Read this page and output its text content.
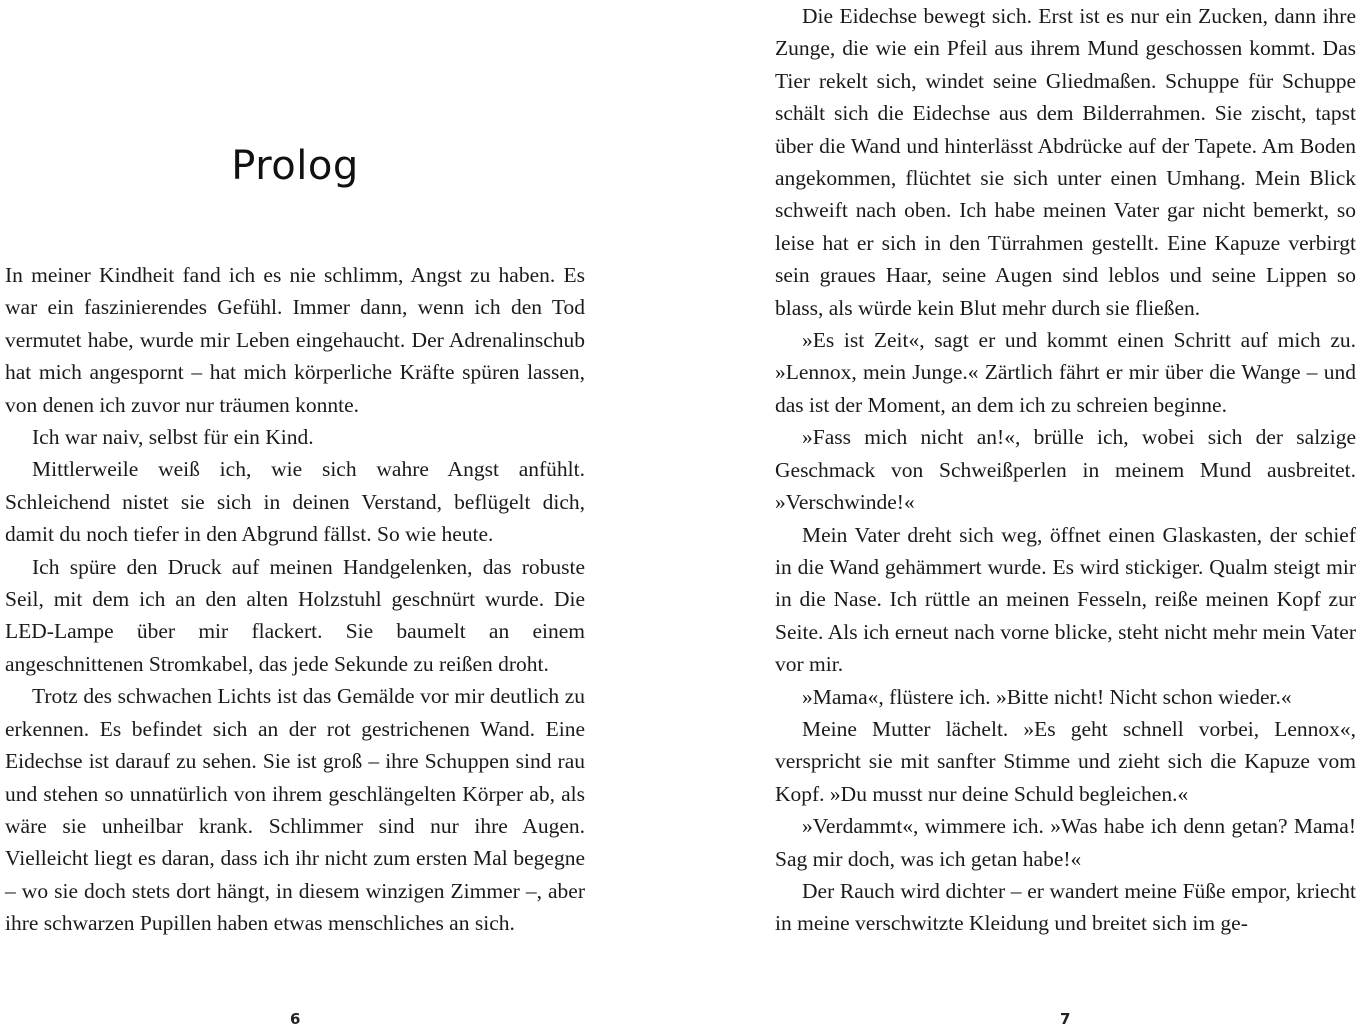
Prolog

In meiner Kindheit fand ich es nie schlimm, Angst zu haben. Es war ein faszinierendes Gefühl. Immer dann, wenn ich den Tod vermutet habe, wurde mir Leben eingehaucht. Der Adrenalinschub hat mich angespornt – hat mich körperliche Kräfte spüren lassen, von denen ich zuvor nur träumen konnte.

Ich war naiv, selbst für ein Kind.

Mittlerweile weiß ich, wie sich wahre Angst anfühlt. Schleichend nistet sie sich in deinen Verstand, beflügelt dich, damit du noch tiefer in den Abgrund fällst. So wie heute.

Ich spüre den Druck auf meinen Handgelenken, das robuste Seil, mit dem ich an den alten Holzstuhl geschnürt wurde. Die LED-Lampe über mir flackert. Sie baumelt an einem angeschnittenen Stromkabel, das jede Sekunde zu reißen droht.

Trotz des schwachen Lichts ist das Gemälde vor mir deutlich zu erkennen. Es befindet sich an der rot gestrichenen Wand. Eine Eidechse ist darauf zu sehen. Sie ist groß – ihre Schuppen sind rau und stehen so unnatürlich von ihrem geschlängelten Körper ab, als wäre sie unheilbar krank. Schlimmer sind nur ihre Augen. Vielleicht liegt es daran, dass ich ihr nicht zum ersten Mal begegne – wo sie doch stets dort hängt, in diesem winzigen Zimmer –, aber ihre schwarzen Pupillen haben etwas menschliches an sich.

6

Die Eidechse bewegt sich. Erst ist es nur ein Zucken, dann ihre Zunge, die wie ein Pfeil aus ihrem Mund geschossen kommt. Das Tier rekelt sich, windet seine Gliedmaßen. Schuppe für Schuppe schält sich die Eidechse aus dem Bilderrahmen. Sie zischt, tapst über die Wand und hinterlässt Abdrücke auf der Tapete. Am Boden angekommen, flüchtet sie sich unter einen Umhang. Mein Blick schweift nach oben. Ich habe meinen Vater gar nicht bemerkt, so leise hat er sich in den Türrahmen gestellt. Eine Kapuze verbirgt sein graues Haar, seine Augen sind leblos und seine Lippen so blass, als würde kein Blut mehr durch sie fließen.

»Es ist Zeit«, sagt er und kommt einen Schritt auf mich zu. »Lennox, mein Junge.« Zärtlich fährt er mir über die Wange – und das ist der Moment, an dem ich zu schreien beginne.

»Fass mich nicht an!«, brülle ich, wobei sich der salzige Geschmack von Schweißperlen in meinem Mund ausbreitet. »Verschwinde!«

Mein Vater dreht sich weg, öffnet einen Glaskasten, der schief in die Wand gehämmert wurde. Es wird stickiger. Qualm steigt mir in die Nase. Ich rüttle an meinen Fesseln, reiße meinen Kopf zur Seite. Als ich erneut nach vorne blicke, steht nicht mehr mein Vater vor mir.

»Mama«, flüstere ich. »Bitte nicht! Nicht schon wieder.«

Meine Mutter lächelt. »Es geht schnell vorbei, Lennox«, verspricht sie mit sanfter Stimme und zieht sich die Kapuze vom Kopf. »Du musst nur deine Schuld begleichen.«

»Verdammt«, wimmere ich. »Was habe ich denn getan? Mama! Sag mir doch, was ich getan habe!«

Der Rauch wird dichter – er wandert meine Füße empor, kriecht in meine verschwitzte Kleidung und breitet sich im ge-

7
